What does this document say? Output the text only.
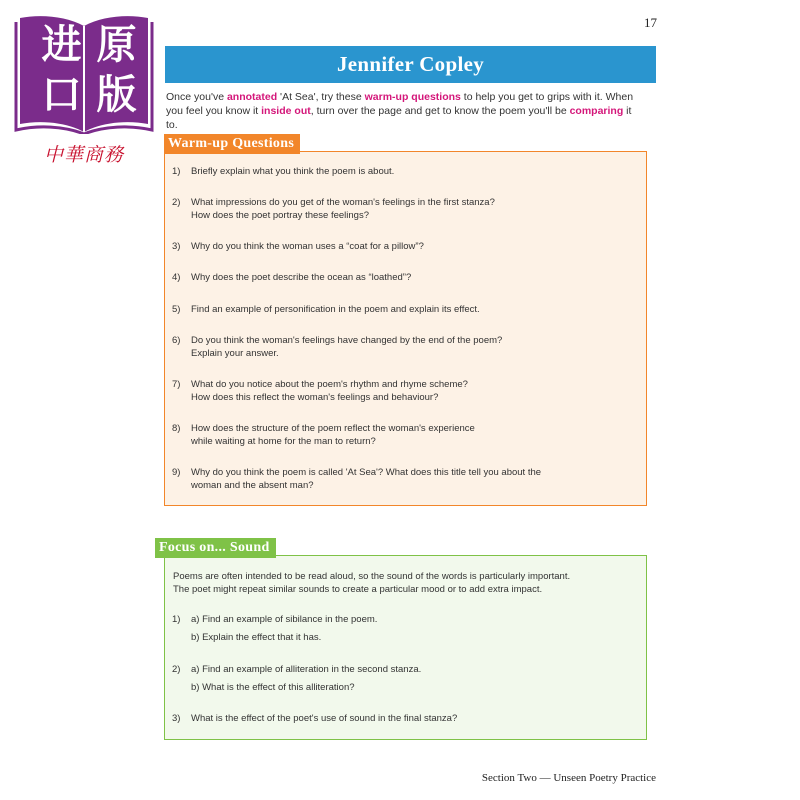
17
进 原
口 版
中華商務
Jennifer Copley
Once you've annotated 'At Sea', try these warm-up questions to help you get to grips with it. When you feel you know it inside out, turn over the page and get to know the poem you'll be comparing it to.
Warm-up Questions
1)	Briefly explain what you think the poem is about.
2)	What impressions do you get of the woman's feelings in the first stanza?
How does the poet portray these feelings?
3)	Why do you think the woman uses a “coat for a pillow”?
4)	Why does the poet describe the ocean as “loathed”?
5)	Find an example of personification in the poem and explain its effect.
6)	Do you think the woman's feelings have changed by the end of the poem?
Explain your answer.
7)	What do you notice about the poem's rhythm and rhyme scheme?
How does this reflect the woman's feelings and behaviour?
8)	How does the structure of the poem reflect the woman's experience
while waiting at home for the man to return?
9)	Why do you think the poem is called 'At Sea'? What does this title tell you about the
woman and the absent man?
Focus on... Sound
Poems are often intended to be read aloud, so the sound of the words is particularly important.
The poet might repeat similar sounds to create a particular mood or to add extra impact.
1)	a) Find an example of sibilance in the poem.
b) Explain the effect that it has.
2)	a) Find an example of alliteration in the second stanza.
b) What is the effect of this alliteration?
3)	What is the effect of the poet's use of sound in the final stanza?
Section Two — Unseen Poetry Practice
